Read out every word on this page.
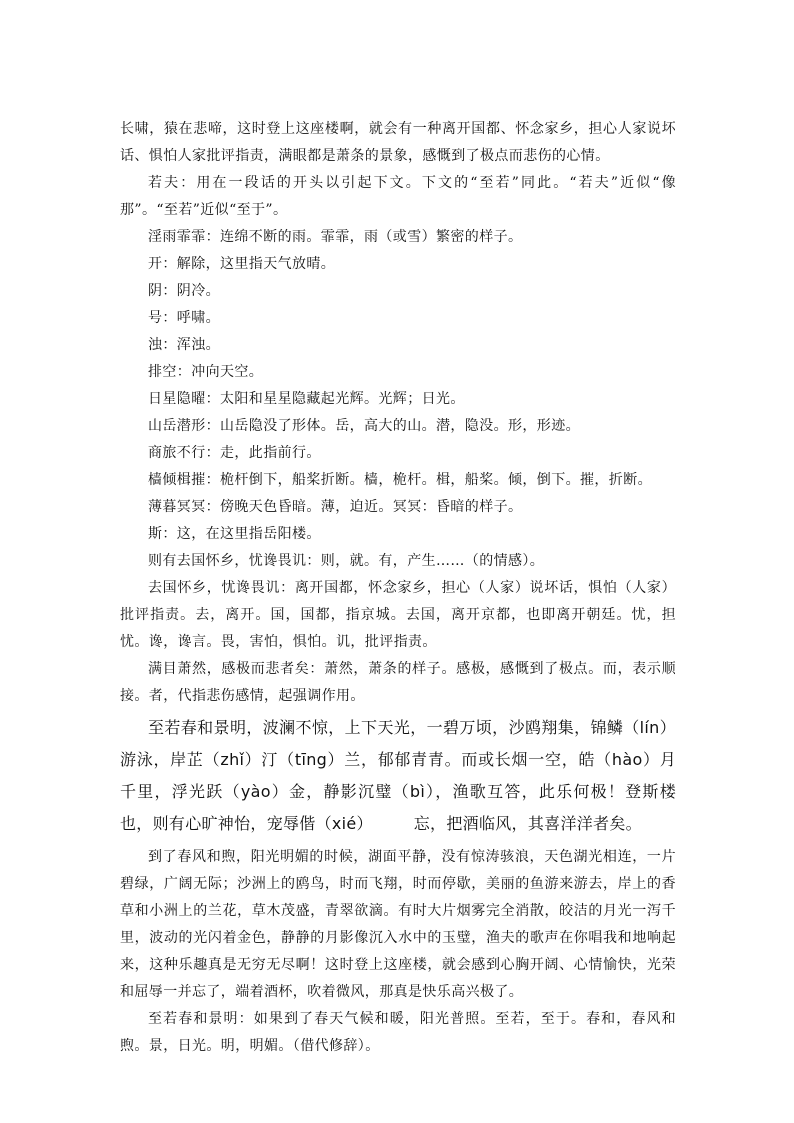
长啸，猿在悲啼，这时登上这座楼啊，就会有一种离开国都、怀念家乡，担心人家说坏话、惧怕人家批评指责，满眼都是萧条的景象，感慨到了极点而悲伤的心情。

若夫：用在一段话的开头以引起下文。下文的“至若”同此。“若夫”近似“像那”。“至若”近似“至于”。

淫雨霏霏：连绵不断的雨。霏霏，雨（或雪）繁密的样子。

开：解除，这里指天气放晴。

阴：阴冷。

号：呼啸。

浊：浑浊。

排空：冲向天空。

日星隐曜：太阳和星星隐藏起光辉。光辉；日光。

山岳潜形：山岳隐没了形体。岳，高大的山。潜，隐没。形，形迹。

商旅不行：走，此指前行。

樯倾楫摧：桅杆倒下，船桨折断。樯，桅杆。楫，船桨。倾，倒下。摧，折断。

薄暮冥冥：傍晚天色昏暗。薄，迫近。冥冥：昏暗的样子。

斯：这，在这里指岳阳楼。

则有去国怀乡，忧谗畏讥：则，就。有，产生……（的情感）。

去国怀乡，忧谗畏讥：离开国都，怀念家乡，担心（人家）说坏话，惧怕（人家）批评指责。去，离开。国，国都，指京城。去国，离开京都，也即离开朝廷。忧，担忧。谗，谗言。畏，害怕，惧怕。讥，批评指责。

满目萧然，感极而悲者矣：萧然，萧条的样子。感极，感慨到了极点。而，表示顺接。者，代指悲伤感情，起强调作用。

至若春和景明，波澜不惊，上下天光，一碧万顷，沙鸥翔集，锦鳞（lín）游泳，岸芷（zhǐ）汀（tīng）兰，郁郁青青。而或长烟一空，皓（hào）月千里，浮光跃（yào）金，静影沉璧（bì），渔歌互答，此乐何极！登斯楼也，则有心旷神怡，宠辱偕（xié）　　　忘，把酒临风，其喜洋洋者矣。

到了春风和煦，阳光明媚的时候，湖面平静，没有惊涛骇浪，天色湖光相连，一片碧绿，广阔无际；沙洲上的鸥鸟，时而飞翔，时而停歇，美丽的鱼游来游去，岸上的香草和小洲上的兰花，草木茂盛，青翠欲滴。有时大片烟雾完全消散，皎洁的月光一泻千里，波动的光闪着金色，静静的月影像沉入水中的玉璧，渔夫的歌声在你唱我和地响起来，这种乐趣真是无穷无尽啊！这时登上这座楼，就会感到心胸开阔、心情愉快，光荣和屈辱一并忘了，端着酒杯，吹着微风，那真是快乐高兴极了。

至若春和景明：如果到了春天气候和暖，阳光普照。至若，至于。春和，春风和煦。景，日光。明，明媚。（借代修辞）。
